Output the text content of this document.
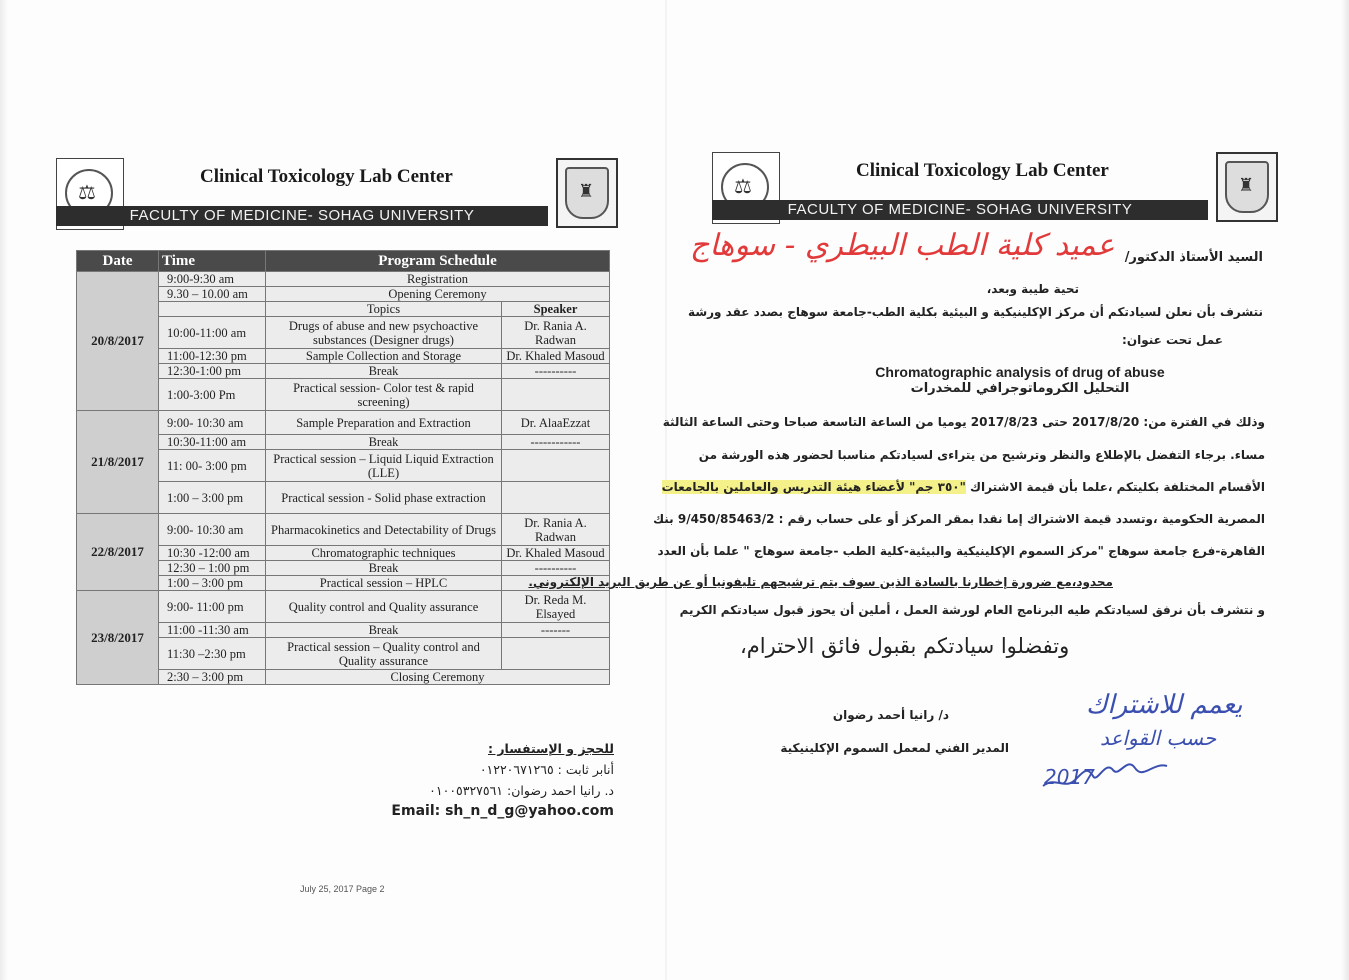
⚖
Clinical Toxicology Lab Center
FACULTY OF MEDICINE- SOHAG UNIVERSITY
♜	⚖
Clinical Toxicology Lab Center
FACULTY OF MEDICINE- SOHAG UNIVERSITY
♜
Date	Time	Program Schedule	
20/8/2017	9:00-9:30 am	Registration	
	9.30 – 10.00 am	Opening Ceremony	
		Topics	Speaker
	10:00-11:00 am	Drugs of abuse and new psychoactive substances (Designer drugs)	Dr. Rania A. Radwan
	11:00-12:30 pm	Sample Collection and Storage	Dr. Khaled Masoud
	12:30-1:00 pm	Break	----------
	1:00-3:00 Pm	Practical session- Color test & rapid screening)	
21/8/2017	9:00- 10:30 am	Sample Preparation and Extraction	Dr. AlaaEzzat
	10:30-11:00 am	Break	------------
	11: 00- 3:00 pm	Practical session – Liquid Liquid Extraction (LLE)	
	1:00 – 3:00 pm	Practical session - Solid phase extraction	
22/8/2017	9:00- 10:30 am	Pharmacokinetics and Detectability of Drugs	Dr. Rania A. Radwan
	10:30 -12:00 am	Chromatographic techniques	Dr. Khaled Masoud
	12:30 – 1:00 pm	Break	----------
	1:00 – 3:00 pm	Practical session – HPLC	
23/8/2017	9:00- 11:00 pm	Quality control and Quality assurance	Dr. Reda M. Elsayed
	11:00 -11:30 am	Break	-------
	11:30 –2:30 pm	Practical session – Quality control and Quality assurance	
	2:30 – 3:00 pm	Closing Ceremony	
للحجز و الإستفسار :
أنابر ثابت : ٠١٢٢٠٦٧١٢٦٥
د. رانيا احمد رضوان: ٠١٠٠٥٣٢٧٥٦١
Email: sh_n_d_g@yahoo.com
July 25, 2017 Page 2
السيد الأستاذ الدكتور/
عميد كلية الطب البيطري - سوهاج
تحية طيبة وبعد،
نتشرف بأن نعلن لسيادتكم أن مركز الإكلينيكية و البيئية بكلية الطب-جامعة سوهاج بصدد عقد ورشة
عمل تحت عنوان:
Chromatographic analysis of drug of abuse
التحليل الكروماتوجرافي للمخدرات
وذلك في الفترة من: 2017/8/20 حتى 2017/8/23 يوميا من الساعة التاسعة صباحا وحتى الساعة الثالثة
مساء. برجاء التفضل بالإطلاع والنظر وترشيح من يتراءى لسيادتكم مناسبا لحضور هذه الورشة من
الأقسام المختلفة بكليتكم ،علما بأن قيمة الاشتراك "٣٥٠ جم" لأعضاء هيئة التدريس والعاملين بالجامعات
المصرية الحكومية ،وتسدد قيمة الاشتراك إما نقدا بمقر المركز أو على حساب رقم : 9/450/85463/2 بنك
القاهرة-فرع جامعة سوهاج "مركز السموم الإكلينيكية والبيئية-كلية الطب -جامعة سوهاج " علما بأن العدد
محدود،مع ضرورة إخطارنا بالسادة الذين سوف يتم ترشيحهم تليفونيا أو عن طريق البريد الإلكتروني.
و نتشرف بأن نرفق لسيادتكم طيه البرنامج العام لورشة العمل ، أملين أن يحوز قبول سيادتكم الكريم
وتفضلوا سيادتكم بقبول فائق الاحترام،
يعمم للاشتراك
حسب القواعد
د/ رانيا أحمد رضوان
المدير الفني لمعمل السموم الإكلينيكية
2017
